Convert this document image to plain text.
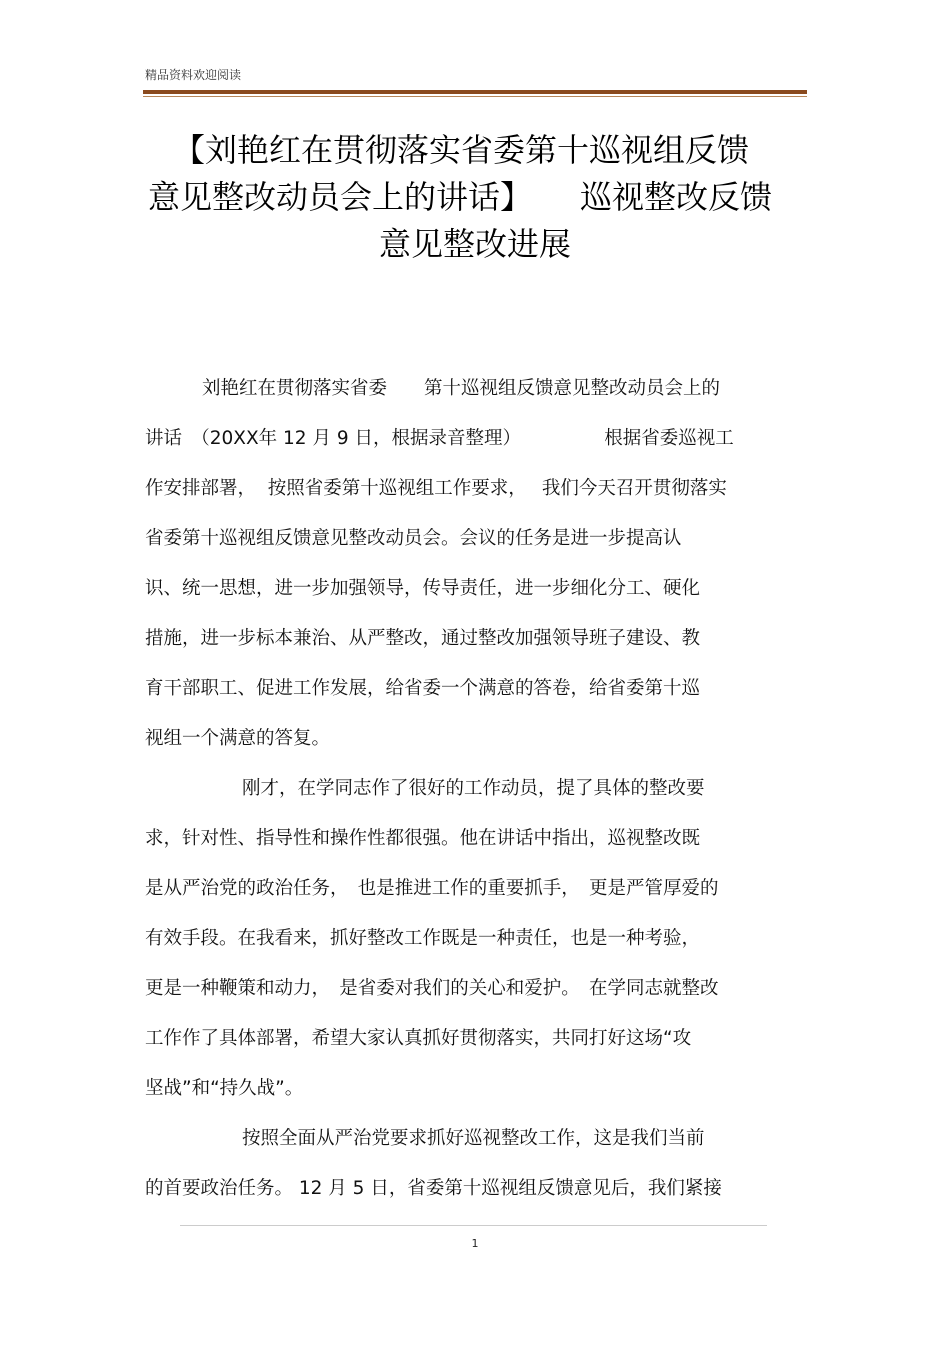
精品资料欢迎阅读
【刘艳红在贯彻落实省委第十巡视组反馈
意见整改动员会上的讲话】　　巡视整改反馈
意见整改进展
刘艳红在贯彻落实省委　　第十巡视组反馈意见整改动员会上的
讲话　（20XX年 12 月 9 日，根据录音整理）　　　　　根据省委巡视工
作安排部署，  按照省委第十巡视组工作要求，　 我们今天召开贯彻落实
省委第十巡视组反馈意见整改动员会。会议的任务是进一步提高认
识、统一思想，进一步加强领导，传导责任，进一步细化分工、硬化
措施，进一步标本兼治、从严整改，通过整改加强领导班子建设、教
育干部职工、促进工作发展，给省委一个满意的答卷，给省委第十巡
视组一个满意的答复。
刚才，在学同志作了很好的工作动员，提了具体的整改要
求，针对性、指导性和操作性都很强。他在讲话中指出，巡视整改既
是从严治党的政治任务，　也是推进工作的重要抓手，　更是严管厚爱的
有效手段。在我看来，抓好整改工作既是一种责任，也是一种考验，
更是一种鞭策和动力，　是省委对我们的关心和爱护。　在学同志就整改
工作作了具体部署，希望大家认真抓好贯彻落实，共同打好这场“攻
坚战”和“持久战”。
按照全面从严治党要求抓好巡视整改工作，这是我们当前
的首要政治任务。 12 月 5 日，省委第十巡视组反馈意见后，我们紧接
1
